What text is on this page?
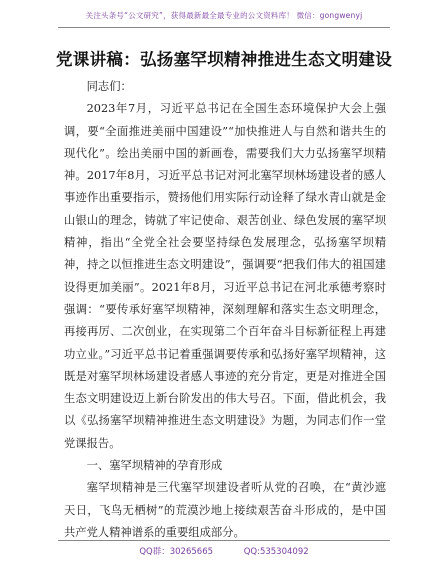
关注头条号“公文研究”，获得最新最全最专业的公文资料库！ 微信：gongwenyj
党课讲稿：弘扬塞罕坝精神推进生态文明建设

同志们：

2023年7月，习近平总书记在全国生态环境保护大会上强调，要“全面推进美丽中国建设”“加快推进人与自然和谐共生的现代化”。绘出美丽中国的新画卷，需要我们大力弘扬塞罕坝精神。2017年8月，习近平总书记对河北塞罕坝林场建设者的感人事迹作出重要指示，赞扬他们用实际行动诠释了绿水青山就是金山银山的理念，铸就了牢记使命、艰苦创业、绿色发展的塞罕坝精神，指出“全党全社会要坚持绿色发展理念，弘扬塞罕坝精神，持之以恒推进生态文明建设”，强调要“把我们伟大的祖国建设得更加美丽”。2021年8月，习近平总书记在河北承德考察时强调：“要传承好塞罕坝精神，深刻理解和落实生态文明理念，再接再厉、二次创业，在实现第二个百年奋斗目标新征程上再建功立业。”习近平总书记着重强调要传承和弘扬好塞罕坝精神，这既是对塞罕坝林场建设者感人事迹的充分肯定，更是对推进全国生态文明建设迈上新台阶发出的伟大号召。下面，借此机会，我以《弘扬塞罕坝精神推进生态文明建设》为题，为同志们作一堂党课报告。

一、塞罕坝精神的孕育形成

塞罕坝精神是三代塞罕坝建设者听从党的召唤，在“黄沙遮天日，飞鸟无栖树”的荒漠沙地上接续艰苦奋斗形成的，是中国共产党人精神谱系的重要组成部分。

QQ群：30265665	QQ:535304092
